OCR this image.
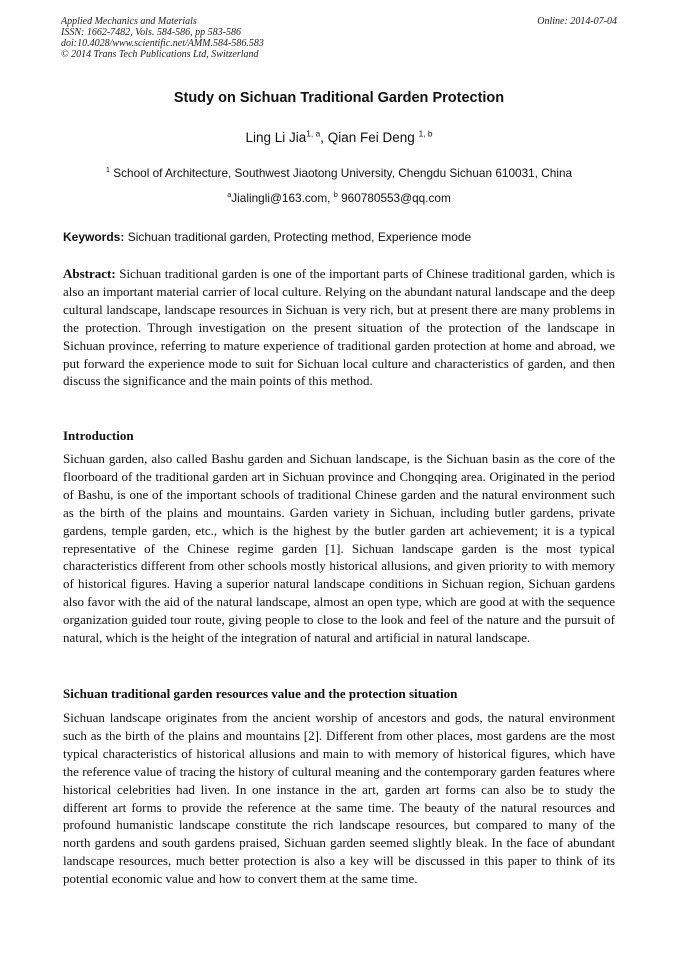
Applied Mechanics and Materials
ISSN: 1662-7482, Vols. 584-586, pp 583-586
doi:10.4028/www.scientific.net/AMM.584-586.583
© 2014 Trans Tech Publications Ltd, Switzerland
Online: 2014-07-04
Study on Sichuan Traditional Garden Protection
Ling Li Jia$^{1, a}$, Qian Fei Deng $^{1, b}$
$^1$ School of Architecture, Southwest Jiaotong University, Chengdu Sichuan 610031, China
$^a$Jialingli@163.com, $^b$ 960780553@qq.com
Keywords: Sichuan traditional garden, Protecting method, Experience mode
Abstract: Sichuan traditional garden is one of the important parts of Chinese traditional garden, which is also an important material carrier of local culture. Relying on the abundant natural landscape and the deep cultural landscape, landscape resources in Sichuan is very rich, but at present there are many problems in the protection. Through investigation on the present situation of the protection of the landscape in Sichuan province, referring to mature experience of traditional garden protection at home and abroad, we put forward the experience mode to suit for Sichuan local culture and characteristics of garden, and then discuss the significance and the main points of this method.
Introduction
Sichuan garden, also called Bashu garden and Sichuan landscape, is the Sichuan basin as the core of the floorboard of the traditional garden art in Sichuan province and Chongqing area. Originated in the period of Bashu, is one of the important schools of traditional Chinese garden and the natural environment such as the birth of the plains and mountains. Garden variety in Sichuan, including butler gardens, private gardens, temple garden, etc., which is the highest by the butler garden art achievement; it is a typical representative of the Chinese regime garden [1]. Sichuan landscape garden is the most typical characteristics different from other schools mostly historical allusions, and given priority to with memory of historical figures. Having a superior natural landscape conditions in Sichuan region, Sichuan gardens also favor with the aid of the natural landscape, almost an open type, which are good at with the sequence organization guided tour route, giving people to close to the look and feel of the nature and the pursuit of natural, which is the height of the integration of natural and artificial in natural landscape.
Sichuan traditional garden resources value and the protection situation
Sichuan landscape originates from the ancient worship of ancestors and gods, the natural environment such as the birth of the plains and mountains [2]. Different from other places, most gardens are the most typical characteristics of historical allusions and main to with memory of historical figures, which have the reference value of tracing the history of cultural meaning and the contemporary garden features where historical celebrities had liven. In one instance in the art, garden art forms can also be to study the different art forms to provide the reference at the same time. The beauty of the natural resources and profound humanistic landscape constitute the rich landscape resources, but compared to many of the north gardens and south gardens praised, Sichuan garden seemed slightly bleak. In the face of abundant landscape resources, much better protection is also a key will be discussed in this paper to think of its potential economic value and how to convert them at the same time.
